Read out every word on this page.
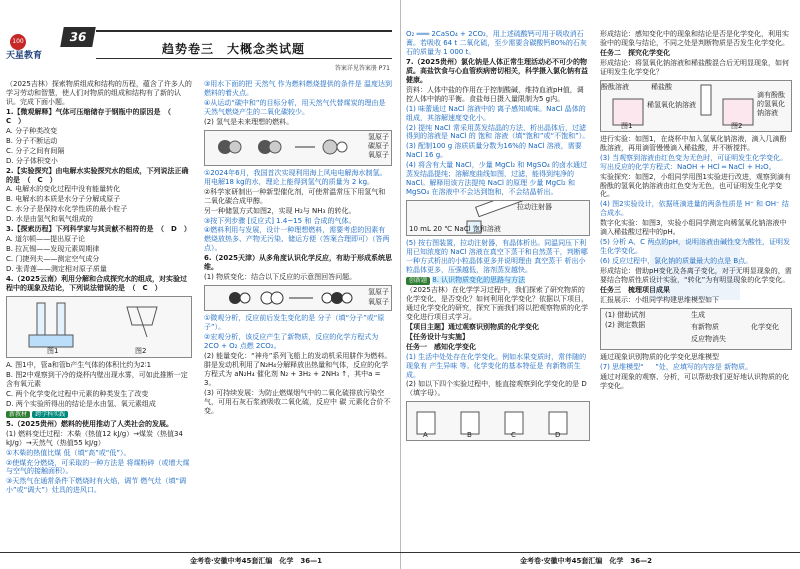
100
天星教育
36
趋势卷三　大概念类试题
答案详见答案册 P71

（2025吉林）探索物质组成和结构的历程，蕴含了许多人的学习劳动和智慧，使人们对物质的组成和结构有了新的认识。完成下面小题。

1.【微观解释】气体可压缩储存于钢瓶中的原因是　（　C　）

A. 分子种类改变

B. 分子不断运动

C. 分子之间有间隔

D. 分子体积变小

2.【实验探究】由电解水实验探究水的组成，下列说法正确的是　（　C　）

A. 电解水的变化过程中没有能量转化

B. 电解水的本质是水分子分解成原子

C. 水分子是保持水化学性质的最小粒子

D. 水是由氢气和氧气组成的

3.【探索历程】下列科学家与其贡献不相符的是　（　D　）

A. 道尔顿——提出原子论

B. 拉瓦锡——发现元素周期律

C. 门捷列夫——测定空气成分

D. 张青莲——测定相对原子质量

4.（2025云南）利用分解和合成探究水的组成，对实验过程中的现象及结论，下列说法错误的是　（　C　）

图1	图2

A. 图1中，管a和管b产生气体的体积比约为2∶1

B. 图2中观察到干冷的烧杯内壁出现水雾，可如此推断一定含有氧元素

C. 两个化学变化过程中元素的种类发生了改变

D. 两个实验所得出的结论是水由氢、氧元素组成

新教材 跨学科实践

5.（2025贵州）燃料的使用推动了人类社会的发展。

(1) 燃料变迁过程：木柴（热值12 kJ/g）→煤炭（热值34 kJ/g）→天然气（热值55 kJ/g）

①木柴的热值比煤 低（填“高”或“低”）。

②使煤充分燃烧，可采取的一种方法是 将煤粉碎（或增大煤与空气的接触面积）。

③天然气在通常条件下燃烧时有火焰，调节 燃气灶（填“调小”或“调大”）灶具的进风口。

③用水下面的把 天然气 作为燃料燃烧提供的条件是 温度达到燃料的着火点。

④从运动“碳中和”的目标分析，用天然气代替煤炭的理由是 天然气燃烧产生的二氧化碳较少。

(2) 氢气是未来理想的燃料。

氢原子
碳原子
氧原子

①2024年6月，我国首次实现利用海上风电电解海水制氢。用电解18 kg的水，理论上能得到氢气的质量为 2 kg。

②科学家研制出一种新型催化剂，可使常温常压下用氢气和二氧化碳合成甲醇。

另一种储氢方式如图2，实现 H₂与 NH₃ 的转化。

③按下列步骤 [反应式] 1.4~15 和 合成的气体。

④燃料利用与发展，设计一种理想燃料，需要考虑的因素有 燃烧放热多、产物无污染、储运方便（答案合理即可）（答两点）。

6.（2025天津）从多角度认识化学反应，有助于形成系统思维。

(1) 物质变化：结合以下反应的示意图回答问题。

氢原子
氧原子

①微观分析，反应前后发生变化的是 分子（填“分子”或“原子”）。

②宏观分析，该反应产生了新物质，反应的化学方程式为 2CO + O₂ 点燃 2CO₂。

(2) 能量变化：“神舟”系列飞船上的发动机采用肼作为燃料。肼是发动机利用了N₂H₄分解释放出热量和气体，反应的化学方程式为 aN₂H₄ 催化剂 N₂ + 3H₂ + 2NH₃ ↑，其中a = 3。

(3) 可持续发展：为防止燃煤烟气中的二氧化硫排放污染空气，可用石灰石浆液吸收二氧化硫，反应中 碳 元素化合价不变。

O₂ ═══ 2CaSO₄ + 2CO₂，用上述硫酸钙可用于吸收消石膏。若吸收 64 t 二氧化硫，至少需要含碳酸钙80%的石灰石的质量为 1 000 t。

7.（2025贵州）氯化钠是人体正常生理活动必不可少的物质。高盐饮食与心血管疾病密切相关，科学摄入氯化钠有益健康。

资料：人体中盐的作用在于控制酸碱，维持血液pH值，调控人体中钠的平衡。食盐每日摄入量限制为5 g内。

(1) 味蕾通过 NaCl 溶液中的 离子感知咸味。NaCl 晶体的组成，其溶解速度变化小。

(2) 提纯 NaCl 常采用蒸发结晶的方法，析出晶体后，过滤得到的溶液是 NaCl 的 饱和 溶液（填“饱和”或“不饱和”）。

(3) 配制100 g 溶质质量分数为16%的 NaCl 溶液，需要NaCl 16 g。

(4) 将含有大量 NaCl，少量 MgCl₂ 和 MgSO₄ 的卤水通过蒸发结晶提纯；溶解度曲线如图，过滤，能得到纯净的NaCl。解释用该方法提纯 NaCl 的原理 少量 MgCl₂ 和 MgSO₄ 在溶液中不会达到饱和，不会结晶析出。

拉动注射器
10 mL 20 ℃ NaCl 饱和溶液

(5) 按右图装置，拉动注射器，有晶体析出。同温同压下利用已知浓度的 NaCl 溶液在真空下蒸干和自然蒸干，判断哪一种方式析出的小粒晶体更多并说明理由 真空蒸干 析出小粒晶体更多，压强越低，溶剂蒸发越快。

创新题 8. 认识物质变化的思路与方法

（2025吉林）在化学学习过程中，我们探索了研究物质的化学变化，是否变化？如何利用化学变化？依据以下项目，通过化学变化的研究，探究下面我们将以把观察物质的化学变化进行项目式学习。

【项目主题】通过观察识别物质的化学变化

【任务设计与实施】

任务一　感知化学变化

(1) 生活中处处存在化学变化。例如水果变质时，常伴随的现象有 产生异味 等。化学变化的基本特征是 有新物质生成。

(2) 如以下四个实验过程中，能直接观察到化学变化的是 D（填字母）。

A	B	C	D

形成结论：感知变化中的现象和结论是否是化学变化，利用实验中的现象与结论，不同之处是判断物质是否发生化学变化。

任务二　探究化学变化

形成结论：将氢氧化钠溶液和稀盐酸混合后无明显现象，如何证明发生化学变化？

图1	图2
酚酞溶液	稀盐酸
稀氢氧化钠溶液
滴有酚酞的氢氧化钠溶液

进行实验：如图1，在烧杯中加入氢氧化钠溶液，滴入几滴酚酞溶液，再用滴管慢慢滴入稀盐酸，并不断搅拌。

(3) 当观察到溶液由红色变为无色时，可证明发生化学变化。写出反应的化学方程式：NaOH + HCl ═ NaCl + H₂O。

实验探究：如图2，小组同学用图1实验进行改进，观察到滴有酚酞的氢氧化钠溶液由红色变为无色，也可证明发生化学变化。

(4) 图2实验设计，依据班滴进量的两条性质是 H⁺ 和 OH⁻ 结合成水。

数字化实验：如图3，实验小组同学测定向稀氢氧化钠溶液中滴入稀盐酸过程中的pH。

(5) 分析 A、C 两点的pH，说明溶液由碱性变为酸性，证明发生化学变化。

(6) 反应过程中，氯化钠的质量最大的点是 B点。

形成结论：借助pH变化及各离子变化，对于无明显现象的，需要结合物质性质设计实验，“转化”为有明显现象的化学变化。

任务三　梳理项目成果

汇报展示：小组同学构建思维模型如下

(1) 借助试剂
(2) 测定数据
生成
有新物质	化学变化
反应物消失

通过现象识别物质的化学变化思维模型

(7) 思维模型“ 　 ”处，应填写的内容是 新物质。

通过对现象的观察、分析，可以帮助我们更好地认识物质的化学变化。

金考卷·安徽中考45套汇编　化学　36—1	金考卷·安徽中考45套汇编　化学　36—2
